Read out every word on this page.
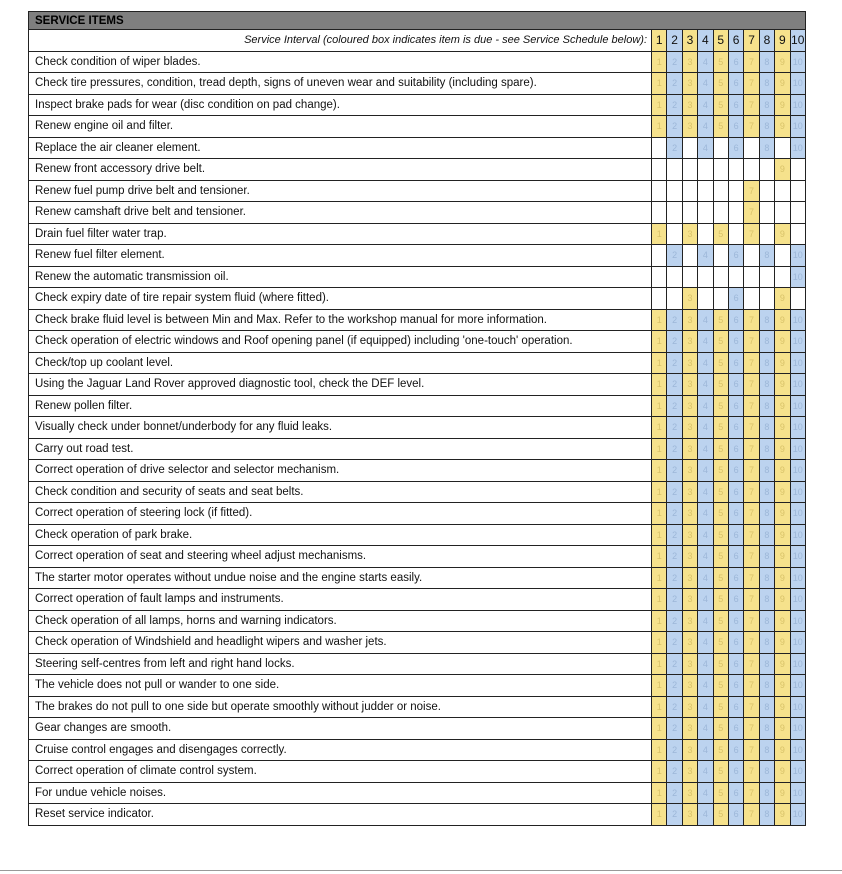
SERVICE ITEMS										
Service Interval (coloured box indicates item is due - see Service Schedule below):	1	2	3	4	5	6	7	8	9	10
Check condition of wiper blades.	1	2	3	4	5	6	7	8	9	10
Check tire pressures, condition, tread depth, signs of uneven wear and suitability (including spare).	1	2	3	4	5	6	7	8	9	10
Inspect brake pads for wear (disc condition on pad change).	1	2	3	4	5	6	7	8	9	10
Renew engine oil and filter.	1	2	3	4	5	6	7	8	9	10
Replace the air cleaner element.		2		4		6		8		10
Renew front accessory drive belt.									9	
Renew fuel pump drive belt and tensioner.							7			
Renew camshaft drive belt and tensioner.							7			
Drain fuel filter water trap.	1		3		5		7		9	
Renew fuel filter element.		2		4		6		8		10
Renew the automatic transmission oil.										10
Check expiry date of tire repair system fluid (where fitted).			3			6			9	
Check brake fluid level is between Min and Max. Refer to the workshop manual for more information.	1	2	3	4	5	6	7	8	9	10
Check operation of electric windows and Roof opening panel (if equipped) including 'one-touch' operation.	1	2	3	4	5	6	7	8	9	10
Check/top up coolant level.	1	2	3	4	5	6	7	8	9	10
Using the Jaguar Land Rover approved diagnostic tool, check the DEF level.	1	2	3	4	5	6	7	8	9	10
Renew pollen filter.	1	2	3	4	5	6	7	8	9	10
Visually check under bonnet/underbody for any fluid leaks.	1	2	3	4	5	6	7	8	9	10
Carry out road test.	1	2	3	4	5	6	7	8	9	10
Correct operation of drive selector and selector mechanism.	1	2	3	4	5	6	7	8	9	10
Check condition and security of seats and seat belts.	1	2	3	4	5	6	7	8	9	10
Correct operation of steering lock (if fitted).	1	2	3	4	5	6	7	8	9	10
Check operation of park brake.	1	2	3	4	5	6	7	8	9	10
Correct operation of seat and steering wheel adjust mechanisms.	1	2	3	4	5	6	7	8	9	10
The starter motor operates without undue noise and the engine starts easily.	1	2	3	4	5	6	7	8	9	10
Correct operation of fault lamps and instruments.	1	2	3	4	5	6	7	8	9	10
Check operation of all lamps, horns and warning indicators.	1	2	3	4	5	6	7	8	9	10
Check operation of Windshield and headlight wipers and washer jets.	1	2	3	4	5	6	7	8	9	10
Steering self-centres from left and right hand locks.	1	2	3	4	5	6	7	8	9	10
The vehicle does not pull or wander to one side.	1	2	3	4	5	6	7	8	9	10
The brakes do not pull to one side but operate smoothly without judder or noise.	1	2	3	4	5	6	7	8	9	10
Gear changes are smooth.	1	2	3	4	5	6	7	8	9	10
Cruise control engages and disengages correctly.	1	2	3	4	5	6	7	8	9	10
Correct operation of climate control system.	1	2	3	4	5	6	7	8	9	10
For undue vehicle noises.	1	2	3	4	5	6	7	8	9	10
Reset service indicator.	1	2	3	4	5	6	7	8	9	10
